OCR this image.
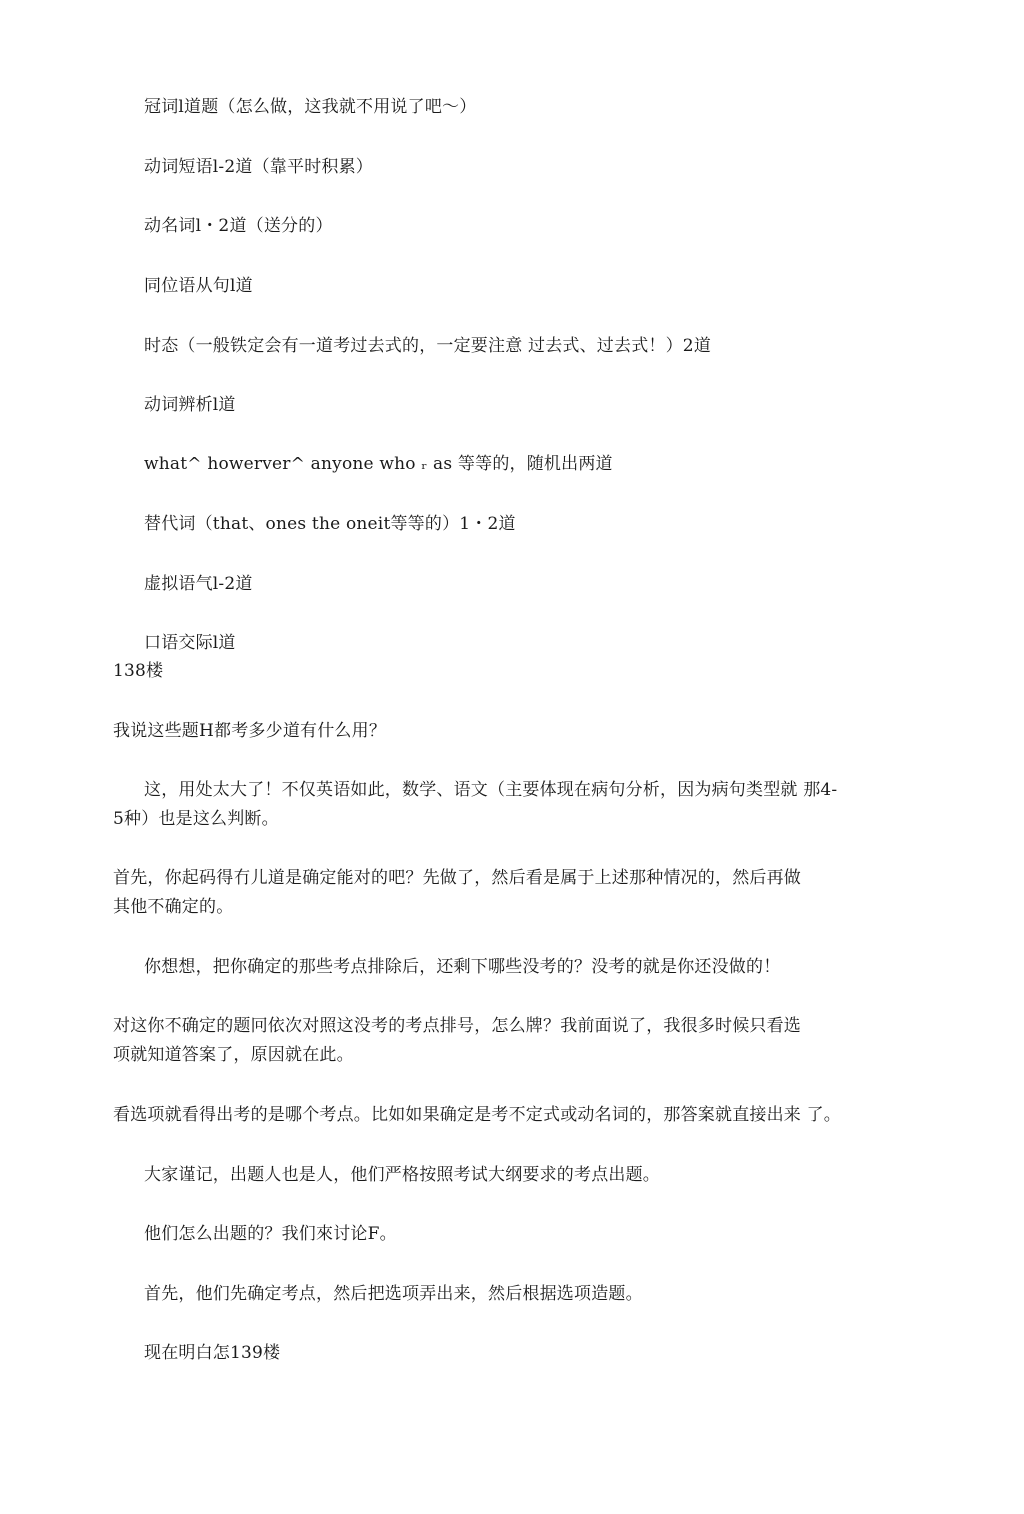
冠词l道题（怎么做，这我就不用说了吧～）
动词短语l-2道（靠平时积累）
动名词l・2道（送分的）
同位语从句l道
时态（一般铁定会有一道考过去式的，一定要注意 过去式、过去式！）2道
动词辨析l道
what^ howerver^ anyone who ᵣ as 等等的，随机出两道
替代词（that、ones the oneit等等的）1・2道
虚拟语气l-2道
口语交际l道
138楼
我说这些题H都考多少道有什么用？
这，用处太大了！不仅英语如此，数学、语文（主要体现在病句分析，因为病句类型就 那4-
5种）也是这么判断。
首先，你起码得冇儿道是确定能对的吧？先做了，然后看是属于上述那种情况的，然后再做
其他不确定的。
你想想，把你确定的那些考点排除后，还剩下哪些没考的？没考的就是你还没做的！
对这你不确定的题冋依次对照这没考的考点排号，怎么牌？我前面说了，我很多时候只看选
项就知道答案了，原因就在此。
看选项就看得出考的是哪个考点。比如如果确定是考不定式或动名词的，那答案就直接出来 了。
大家谨记，出题人也是人，他们严格按照考试大纲要求的考点出题。
他们怎么出题的？我们來讨论F。
首先，他们先确定考点，然后把选项弄出来，然后根据选项造题。
现在明白怎139楼
